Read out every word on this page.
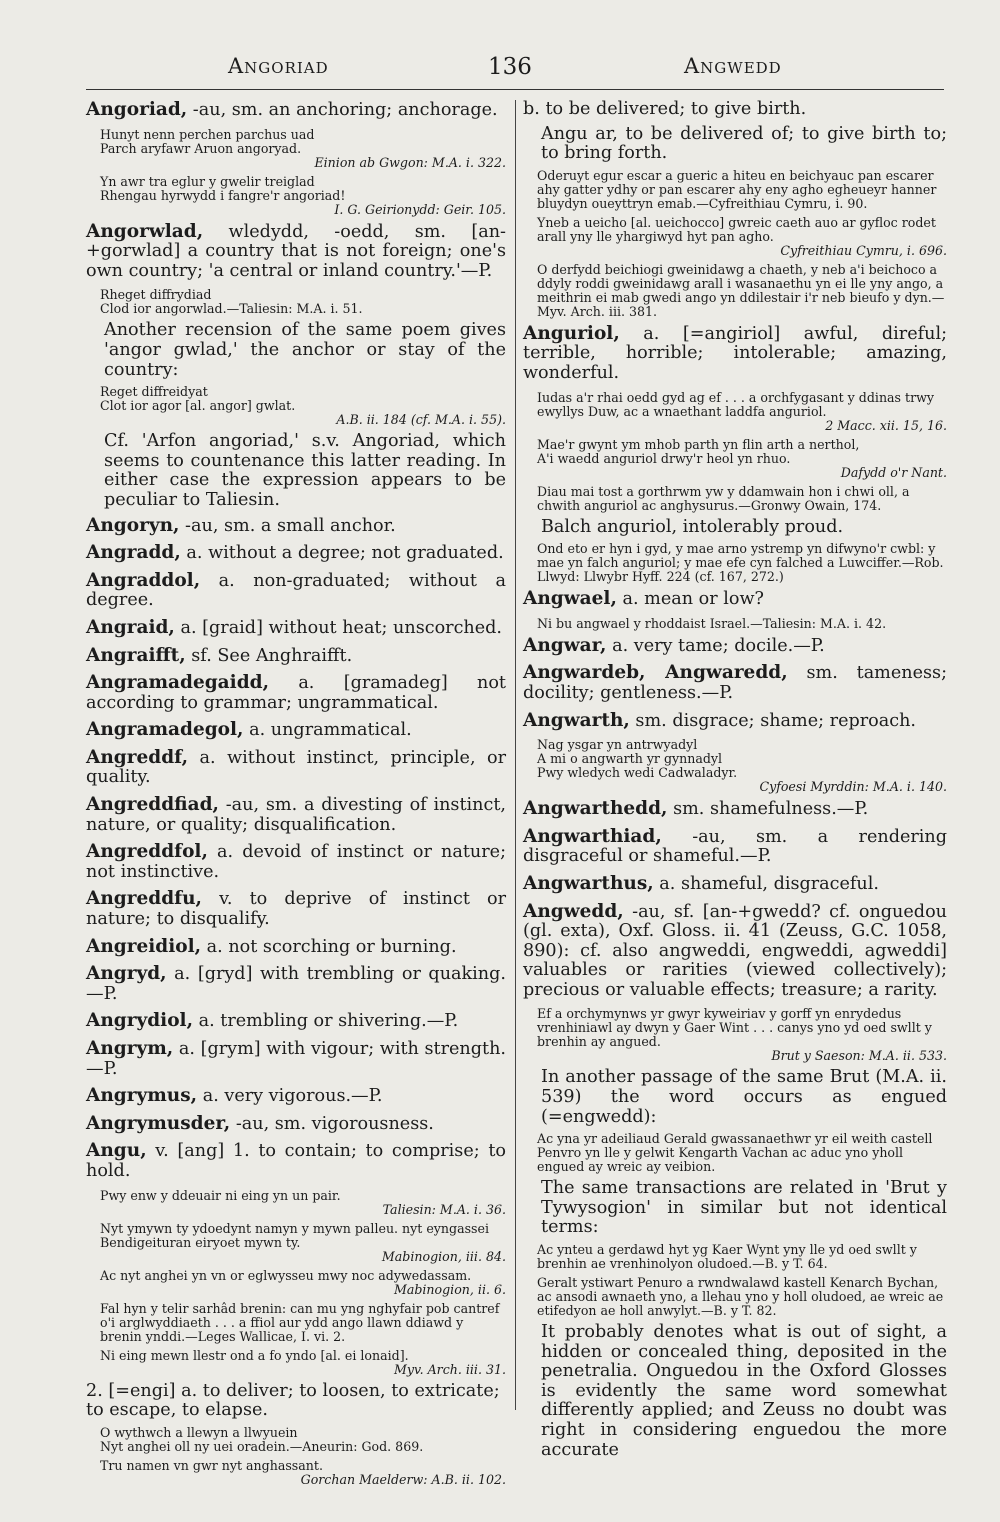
Angoriad	136	Angwedd

Angoriad, -au, sm. an anchoring; anchorage.

Hunyt nenn perchen parchus uad
Parch aryfawr Aruon angoryad.
Einion ab Gwgon: M.A. i. 322.
Yn awr tra eglur y gwelir treiglad
Rhengau hyrwydd i fangre'r angoriad!
I. G. Geirionydd: Geir. 105.

Angorwlad, wledydd, -oedd, sm. [an-+gorwlad] a country that is not foreign; one's own country; 'a central or inland country.'—P.

Rheget diffrydiad
Clod ior angorwlad.—Taliesin: M.A. i. 51.

Another recension of the same poem gives 'angor gwlad,' the anchor or stay of the country:

Reget diffreidyat
Clot ior agor [al. angor] gwlat.
A.B. ii. 184 (cf. M.A. i. 55).

Cf. 'Arfon angoriad,' s.v. Angoriad, which seems to countenance this latter reading. In either case the expression appears to be peculiar to Taliesin.

Angoryn, -au, sm. a small anchor.

Angradd, a. without a degree; not graduated.

Angraddol, a. non-graduated; without a degree.

Angraid, a. [graid] without heat; unscorched.

Angraifft, sf. See Anghraifft.

Angramadegaidd, a. [gramadeg] not according to grammar; ungrammatical.

Angramadegol, a. ungrammatical.

Angreddf, a. without instinct, principle, or quality.

Angreddfiad, -au, sm. a divesting of instinct, nature, or quality; disqualification.

Angreddfol, a. devoid of instinct or nature; not instinctive.

Angreddfu, v. to deprive of instinct or nature; to disqualify.

Angreidiol, a. not scorching or burning.

Angryd, a. [gryd] with trembling or quaking.—P.

Angrydiol, a. trembling or shivering.—P.

Angrym, a. [grym] with vigour; with strength.—P.

Angrymus, a. very vigorous.—P.

Angrymusder, -au, sm. vigorousness.

Angu, v. [ang] 1. to contain; to comprise; to hold.

Pwy enw y ddeuair ni eing yn un pair.
Taliesin: M.A. i. 36.
Nyt ymywn ty ydoedynt namyn y mywn palleu. nyt eyngassei Bendigeituran eiryoet mywn ty.
Mabinogion, iii. 84.
Ac nyt anghei yn vn or eglwysseu mwy noc adywedassam.
Mabinogion, ii. 6.
Fal hyn y telir sarhâd brenin: can mu yng nghyfair pob cantref o'i arglwyddiaeth . . . a ffiol aur ydd ango llawn ddiawd y brenin ynddi.—Leges Wallicae, I. vi. 2.
Ni eing mewn llestr ond a fo yndo [al. ei lonaid].
Myv. Arch. iii. 31.

2. [=engi] a. to deliver; to loosen, to extricate; to escape, to elapse.

O wythwch a llewyn a llwyuein
Nyt anghei oll ny uei oradein.—Aneurin: God. 869.
Tru namen vn gwr nyt anghassant.
Gorchan Maelderw: A.B. ii. 102.

b. to be delivered; to give birth.

Angu ar, to be delivered of; to give birth to; to bring forth.

Oderuyt egur escar a gueric a hiteu en beichyauc pan escarer ahy gatter ydhy or pan escarer ahy eny agho egheueyr hanner bluydyn oueyttryn emab.—Cyfreithiau Cymru, i. 90.
Yneb a ueicho [al. ueichocco] gwreic caeth auo ar gyfloc rodet arall yny lle yhargiwyd hyt pan agho.
Cyfreithiau Cymru, i. 696.
O derfydd beichiogi gweinidawg a chaeth, y neb a'i beichoco a ddyly roddi gweinidawg arall i wasanaethu yn ei lle yny ango, a meithrin ei mab gwedi ango yn ddilestair i'r neb bieufo y dyn.—Myv. Arch. iii. 381.

Anguriol, a. [=angiriol] awful, direful; terrible, horrible; intolerable; amazing, wonderful.

Iudas a'r rhai oedd gyd ag ef . . . a orchfygasant y ddinas trwy ewyllys Duw, ac a wnaethant laddfa anguriol.
2 Macc. xii. 15, 16.
Mae'r gwynt ym mhob parth yn flin arth a nerthol,
A'i waedd anguriol drwy'r heol yn rhuo.
Dafydd o'r Nant.
Diau mai tost a gorthrwm yw y ddamwain hon i chwi oll, a chwith anguriol ac anghysurus.—Gronwy Owain, 174.

Balch anguriol, intolerably proud.

Ond eto er hyn i gyd, y mae arno ystremp yn difwyno'r cwbl: y mae yn falch anguriol; y mae efe cyn falched a Luwciffer.—Rob. Llwyd: Llwybr Hyff. 224 (cf. 167, 272.)

Angwael, a. mean or low?

Ni bu angwael y rhoddaist Israel.—Taliesin: M.A. i. 42.

Angwar, a. very tame; docile.—P.

Angwardeb, Angwaredd, sm. tameness; docility; gentleness.—P.

Angwarth, sm. disgrace; shame; reproach.

Nag ysgar yn antrwyadyl
A mi o angwarth yr gynnadyl
Pwy wledych wedi Cadwaladyr.
Cyfoesi Myrddin: M.A. i. 140.

Angwarthedd, sm. shamefulness.—P.

Angwarthiad, -au, sm. a rendering disgraceful or shameful.—P.

Angwarthus, a. shameful, disgraceful.

Angwedd, -au, sf. [an-+gwedd? cf. onguedou (gl. exta), Oxf. Gloss. ii. 41 (Zeuss, G.C. 1058, 890): cf. also angweddi, engweddi, agweddi] valuables or rarities (viewed collectively); precious or valuable effects; treasure; a rarity.

Ef a orchymynws yr gwyr kyweiriav y gorff yn enrydedus vrenhiniawl ay dwyn y Gaer Wint . . . canys yno yd oed swllt y brenhin ay angued.
Brut y Saeson: M.A. ii. 533.

In another passage of the same Brut (M.A. ii. 539) the word occurs as engued (=engwedd):

Ac yna yr adeiliaud Gerald gwassanaethwr yr eil weith castell Penvro yn lle y gelwit Kengarth Vachan ac aduc yno yholl engued ay wreic ay veibion.

The same transactions are related in 'Brut y Tywysogion' in similar but not identical terms:

Ac ynteu a gerdawd hyt yg Kaer Wynt yny lle yd oed swllt y brenhin ae vrenhinolyon oludoed.—B. y T. 64.
Geralt ystiwart Penuro a rwndwalawd kastell Kenarch Bychan, ac ansodi awnaeth yno, a llehau yno y holl oludoed, ae wreic ae etifedyon ae holl anwylyt.—B. y T. 82.

It probably denotes what is out of sight, a hidden or concealed thing, deposited in the penetralia. Onguedou in the Oxford Glosses is evidently the same word somewhat differently applied; and Zeuss no doubt was right in considering enguedou the more accurate
